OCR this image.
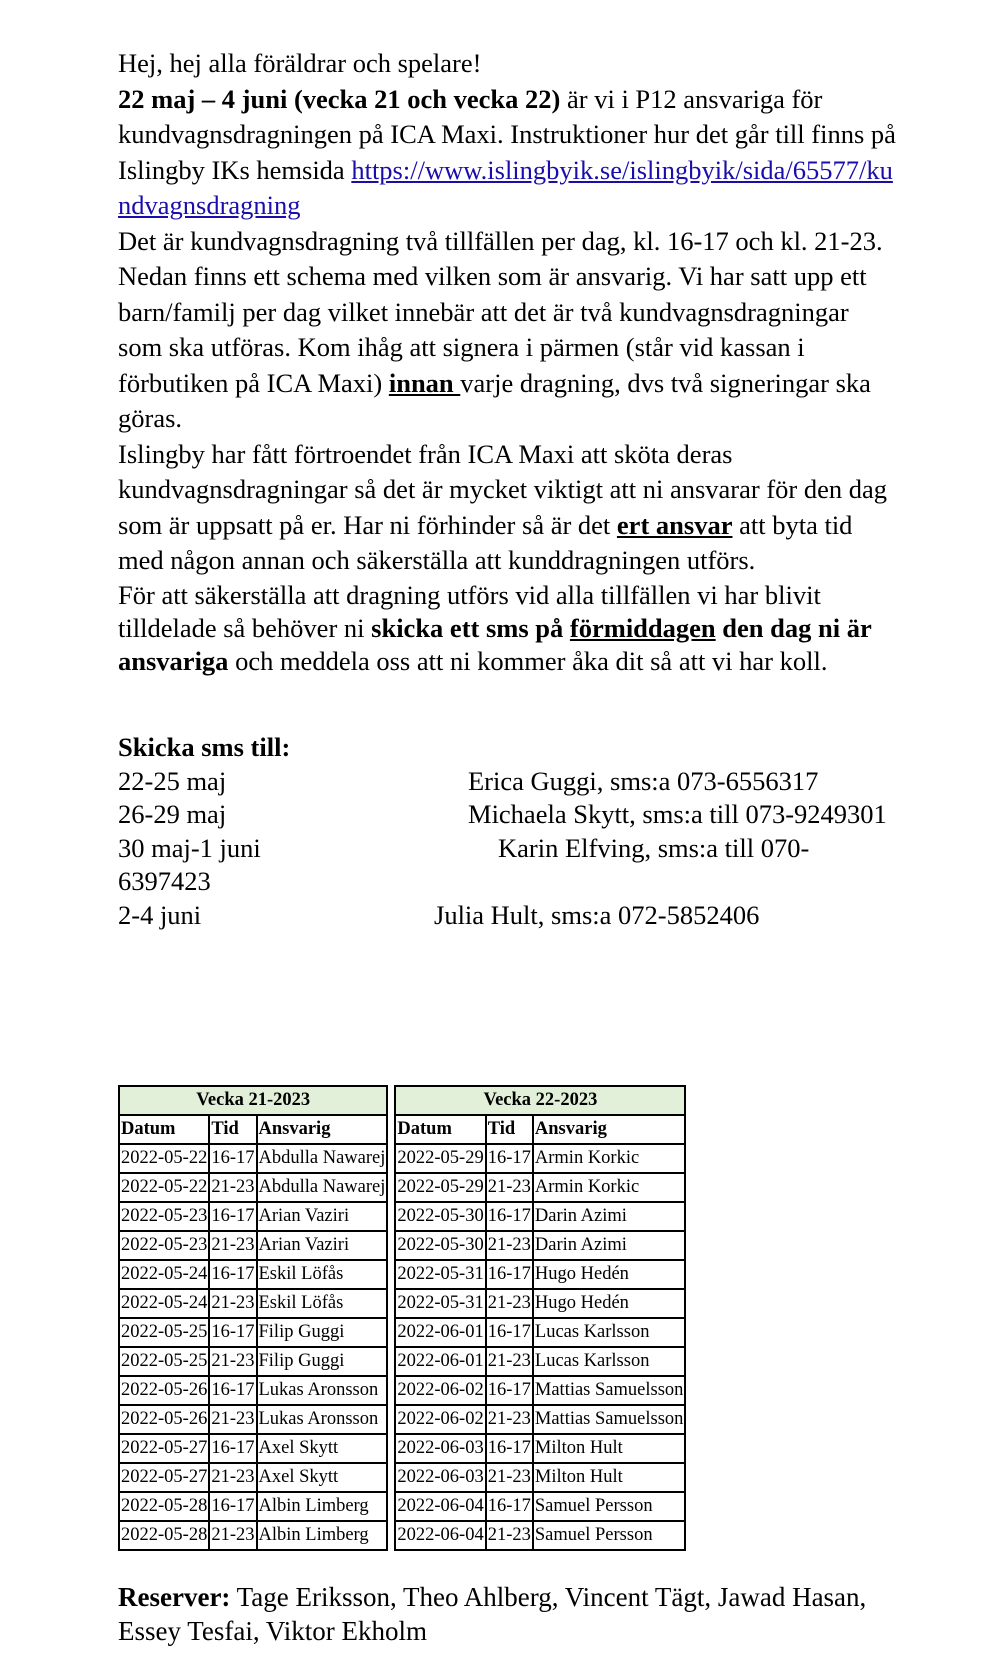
Hej, hej alla föräldrar och spelare!
22 maj – 4 juni (vecka 21 och vecka 22) är vi i P12 ansvariga för kundvagnsdragningen på ICA Maxi. Instruktioner hur det går till finns på Islingby IKs hemsida https://www.islingbyik.se/islingbyik/sida/65577/kundvagnsdragning
Det är kundvagnsdragning två tillfällen per dag, kl. 16-17 och kl. 21-23. Nedan finns ett schema med vilken som är ansvarig. Vi har satt upp ett barn/familj per dag vilket innebär att det är två kundvagnsdragningar som ska utföras. Kom ihåg att signera i pärmen (står vid kassan i förbutiken på ICA Maxi) innan varje dragning, dvs två signeringar ska göras.
Islingby har fått förtroendet från ICA Maxi att sköta deras kundvagnsdragningar så det är mycket viktigt att ni ansvarar för den dag som är uppsatt på er. Har ni förhinder så är det ert ansvar att byta tid med någon annan och säkerställa att kunddragningen utförs.

För att säkerställa att dragning utförs vid alla tillfällen vi har blivit tilldelade så behöver ni skicka ett sms på förmiddagen den dag ni är ansvariga och meddela oss att ni kommer åka dit så att vi har koll.

Skicka sms till:

22-25 maj	Erica Guggi, sms:a 073-6556317

26-29 maj	Michaela Skytt, sms:a till 073-9249301

30 maj-1 juni	Karin Elfving, sms:a till 070-6397423

2-4 juni	Julia Hult, sms:a 072-5852406

Vecka 21-2023				Vecka 22-2023		
Datum	Tid	Ansvarig		Datum	Tid	Ansvarig
2022-05-22	16-17	Abdulla Nawarej		2022-05-29	16-17	Armin Korkic
2022-05-22	21-23	Abdulla Nawarej		2022-05-29	21-23	Armin Korkic
2022-05-23	16-17	Arian Vaziri		2022-05-30	16-17	Darin Azimi
2022-05-23	21-23	Arian Vaziri		2022-05-30	21-23	Darin Azimi
2022-05-24	16-17	Eskil Löfås		2022-05-31	16-17	Hugo Hedén
2022-05-24	21-23	Eskil Löfås		2022-05-31	21-23	Hugo Hedén
2022-05-25	16-17	Filip Guggi		2022-06-01	16-17	Lucas Karlsson
2022-05-25	21-23	Filip Guggi		2022-06-01	21-23	Lucas Karlsson
2022-05-26	16-17	Lukas Aronsson		2022-06-02	16-17	Mattias Samuelsson
2022-05-26	21-23	Lukas Aronsson		2022-06-02	21-23	Mattias Samuelsson
2022-05-27	16-17	Axel Skytt		2022-06-03	16-17	Milton Hult
2022-05-27	21-23	Axel Skytt		2022-06-03	21-23	Milton Hult
2022-05-28	16-17	Albin Limberg		2022-06-04	16-17	Samuel Persson
2022-05-28	21-23	Albin Limberg		2022-06-04	21-23	Samuel Persson

Reserver: Tage Eriksson, Theo Ahlberg, Vincent Tägt, Jawad Hasan, Essey Tesfai, Viktor Ekholm
